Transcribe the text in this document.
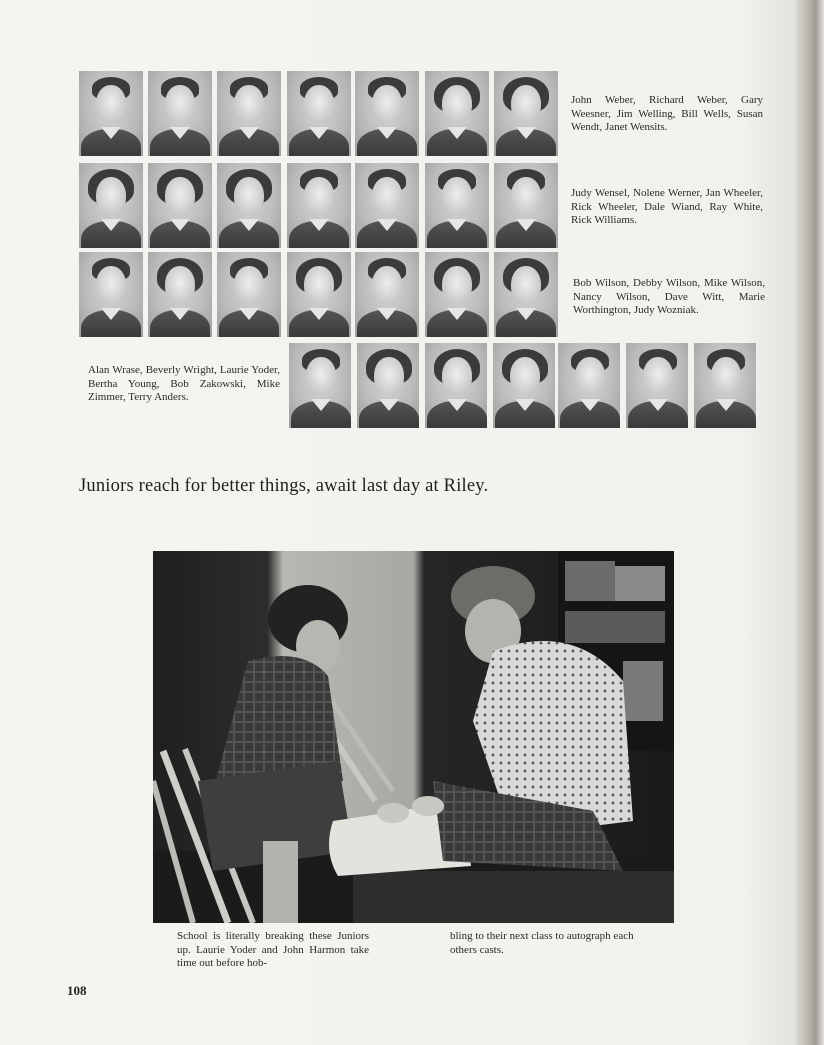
John Weber, Richard Weber, Gary Weesner, Jim Welling, Bill Wells, Susan Wendt, Janet Wensits.
Judy Wensel, Nolene Werner, Jan Wheeler, Rick Wheeler, Dale Wiand, Ray White, Rick Williams.
Bob Wilson, Debby Wilson, Mike Wilson, Nancy Wilson, Dave Witt, Marie Worthington, Judy Wozniak.
Alan Wrase, Beverly Wright, Laurie Yoder, Bertha Young, Bob Zakowski, Mike Zimmer, Terry Anders.
Juniors reach for better things, await last day at Riley.
School is literally breaking these Juniors up. Laurie Yoder and John Harmon take time out before hob-
bling to their next class to autograph each others casts.
108
